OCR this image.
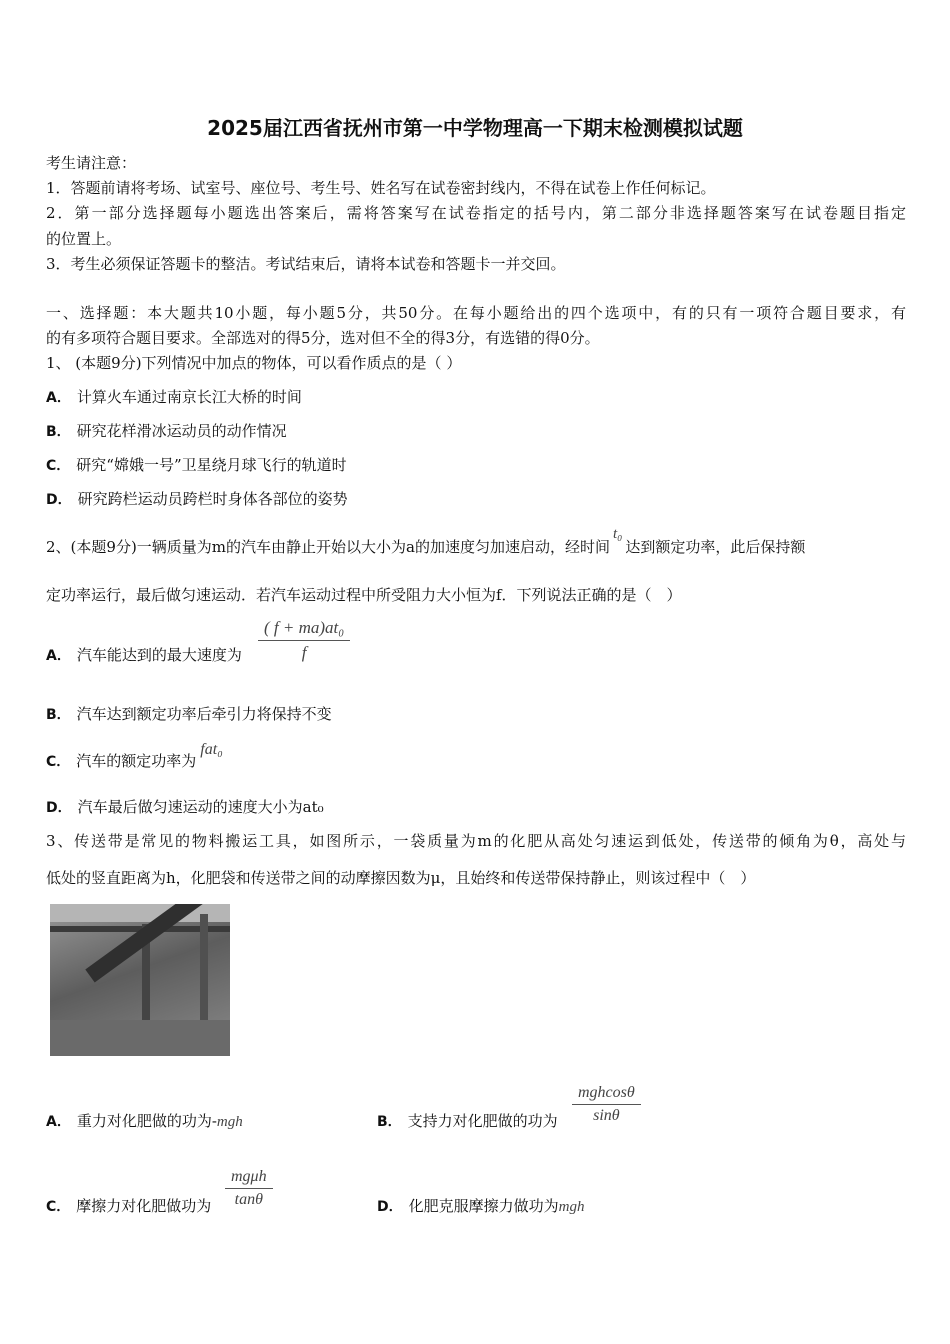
2025届江西省抚州市第一中学物理高一下期末检测模拟试题
考生请注意：
1．答题前请将考场、试室号、座位号、考生号、姓名写在试卷密封线内，不得在试卷上作任何标记。
2．第一部分选择题每小题选出答案后，需将答案写在试卷指定的括号内，第二部分非选择题答案写在试卷题目指定
的位置上。
3．考生必须保证答题卡的整洁。考试结束后，请将本试卷和答题卡一并交回。
一、选择题：本大题共10小题，每小题5分，共50分。在每小题给出的四个选项中，有的只有一项符合题目要求，有
的有多项符合题目要求。全部选对的得5分，选对但不全的得3分，有选错的得0分。
1、 (本题9分)下列情况中加点的物体，可以看作质点的是（ ）
A． 计算火车通过南京长江大桥的时间
B． 研究花样滑冰运动员的动作情况
C． 研究“嫦娥一号”卫星绕月球飞行的轨道时
D． 研究跨栏运动员跨栏时身体各部位的姿势
2、(本题9分)一辆质量为m的汽车由静止开始以大小为a的加速度匀加速启动，经时间t₀达到额定功率，此后保持额
定功率运行，最后做匀速运动．若汽车运动过程中所受阻力大小恒为f．下列说法正确的是（　）
A． 汽车能达到的最大速度为 $\frac{\text{( f + ma)at₀}}{f}$
B． 汽车达到额定功率后牵引力将保持不变
C． 汽车的额定功率为fat₀
D． 汽车最后做匀速运动的速度大小为at₀
3、传送带是常见的物料搬运工具，如图所示，一袋质量为m的化肥从高处匀速运到低处，传送带的倾角为θ，高处与
低处的竖直距离为h，化肥袋和传送带之间的动摩擦因数为μ，且始终和传送带保持静止，则该过程中（　）
A． 重力对化肥做的功为-mgh	B． 支持力对化肥做的功为
mghcosθ
sinθ
C． 摩擦力对化肥做功为
mgμh
tanθ	D． 化肥克服摩擦力做功为mgh
